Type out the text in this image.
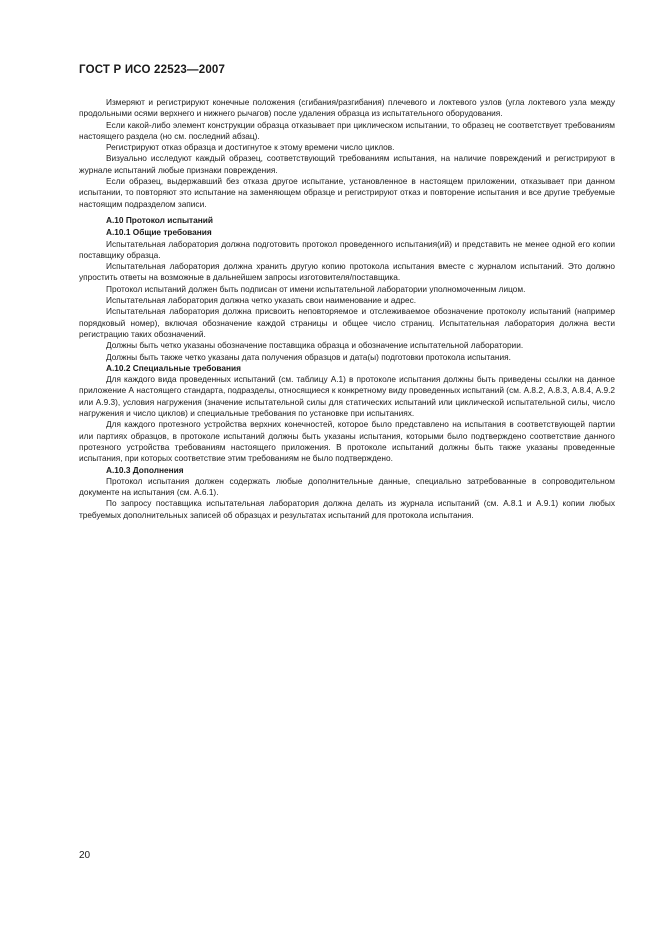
ГОСТ Р ИСО 22523—2007

Измеряют и регистрируют конечные положения (сгибания/разгибания) плечевого и локтевого узлов (угла локтевого узла между продольными осями верхнего и нижнего рычагов) после удаления образца из испытательного оборудования.

Если какой-либо элемент конструкции образца отказывает при циклическом испытании, то образец не соответствует требованиям настоящего раздела (но см. последний абзац).

Регистрируют отказ образца и достигнутое к этому времени число циклов.

Визуально исследуют каждый образец, соответствующий требованиям испытания, на наличие повреждений и регистрируют в журнале испытаний любые признаки повреждения.

Если образец, выдержавший без отказа другое испытание, установленное в настоящем приложении, отказывает при данном испытании, то повторяют это испытание на заменяющем образце и регистрируют отказ и повторение испытания и все другие требуемые настоящим подразделом записи.

А.10 Протокол испытаний

А.10.1 Общие требования

Испытательная лаборатория должна подготовить протокол проведенного испытания(ий) и представить не менее одной его копии поставщику образца.

Испытательная лаборатория должна хранить другую копию протокола испытания вместе с журналом испытаний. Это должно упростить ответы на возможные в дальнейшем запросы изготовителя/поставщика.

Протокол испытаний должен быть подписан от имени испытательной лаборатории уполномоченным лицом.

Испытательная лаборатория должна четко указать свои наименование и адрес.

Испытательная лаборатория должна присвоить неповторяемое и отслеживаемое обозначение протоколу испытаний (например порядковый номер), включая обозначение каждой страницы и общее число страниц. Испытательная лаборатория должна вести регистрацию таких обозначений.

Должны быть четко указаны обозначение поставщика образца и обозначение испытательной лаборатории.

Должны быть также четко указаны дата получения образцов и дата(ы) подготовки протокола испытания.

А.10.2 Специальные требования

Для каждого вида проведенных испытаний (см. таблицу А.1) в протоколе испытания должны быть приведены ссылки на данное приложение А настоящего стандарта, подразделы, относящиеся к конкретному виду проведенных испытаний (см. А.8.2, А.8.3, А.8.4, А.9.2 или А.9.3), условия нагружения (значение испытательной силы для статических испытаний или циклической испытательной силы, число нагружения и число циклов) и специальные требования по установке при испытаниях.

Для каждого протезного устройства верхних конечностей, которое было представлено на испытания в соответствующей партии или партиях образцов, в протоколе испытаний должны быть указаны испытания, которыми было подтверждено соответствие данного протезного устройства требованиям настоящего приложения. В протоколе испытаний должны быть также указаны проведенные испытания, при которых соответствие этим требованиям не было подтверждено.

А.10.3 Дополнения

Протокол испытания должен содержать любые дополнительные данные, специально затребованные в сопроводительном документе на испытания (см. А.6.1).

По запросу поставщика испытательная лаборатория должна делать из журнала испытаний (см. А.8.1 и А.9.1) копии любых требуемых дополнительных записей об образцах и результатах испытаний для протокола испытания.

20
